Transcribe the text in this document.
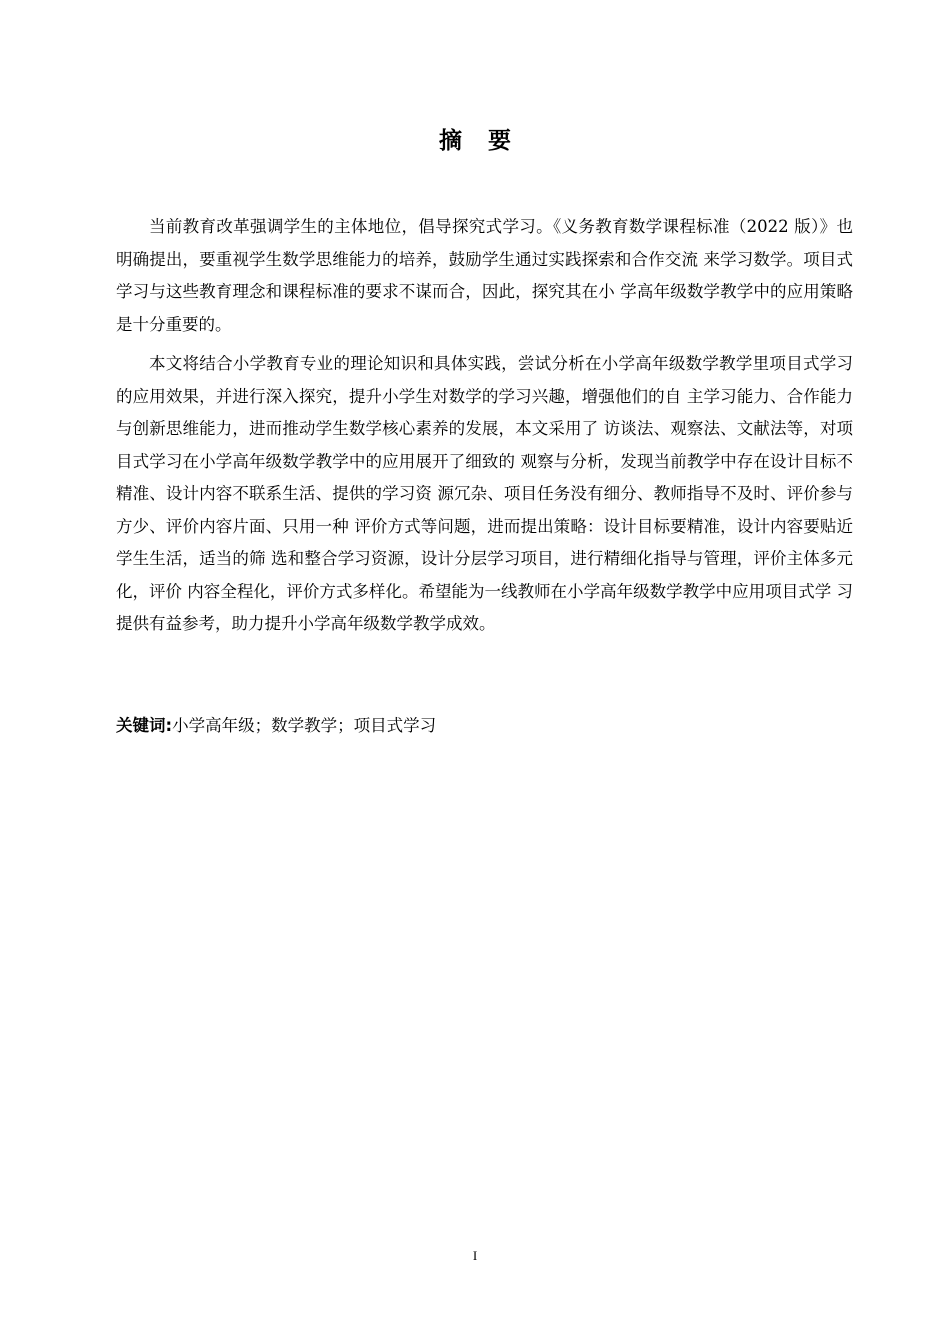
摘 要

当前教育改革强调学生的主体地位，倡导探究式学习。《义务教育数学课程标准（2022 版）》也明确提出，要重视学生数学思维能力的培养，鼓励学生通过实践探索和合作交流 来学习数学。项目式学习与这些教育理念和课程标准的要求不谋而合，因此，探究其在小 学高年级数学教学中的应用策略是十分重要的。

本文将结合小学教育专业的理论知识和具体实践，尝试分析在小学高年级数学教学里项目式学习的应用效果，并进行深入探究，提升小学生对数学的学习兴趣，增强他们的自 主学习能力、合作能力与创新思维能力，进而推动学生数学核心素养的发展，本文采用了 访谈法、观察法、文献法等，对项目式学习在小学高年级数学教学中的应用展开了细致的 观察与分析，发现当前教学中存在设计目标不精准、设计内容不联系生活、提供的学习资 源冗杂、项目任务没有细分、教师指导不及时、评价参与方少、评价内容片面、只用一种 评价方式等问题，进而提出策略：设计目标要精准，设计内容要贴近学生生活，适当的筛 选和整合学习资源，设计分层学习项目，进行精细化指导与管理，评价主体多元化，评价 内容全程化，评价方式多样化。希望能为一线教师在小学高年级数学教学中应用项目式学 习提供有益参考，助力提升小学高年级数学教学成效。

关键词:小学高年级；数学教学；项目式学习
I
